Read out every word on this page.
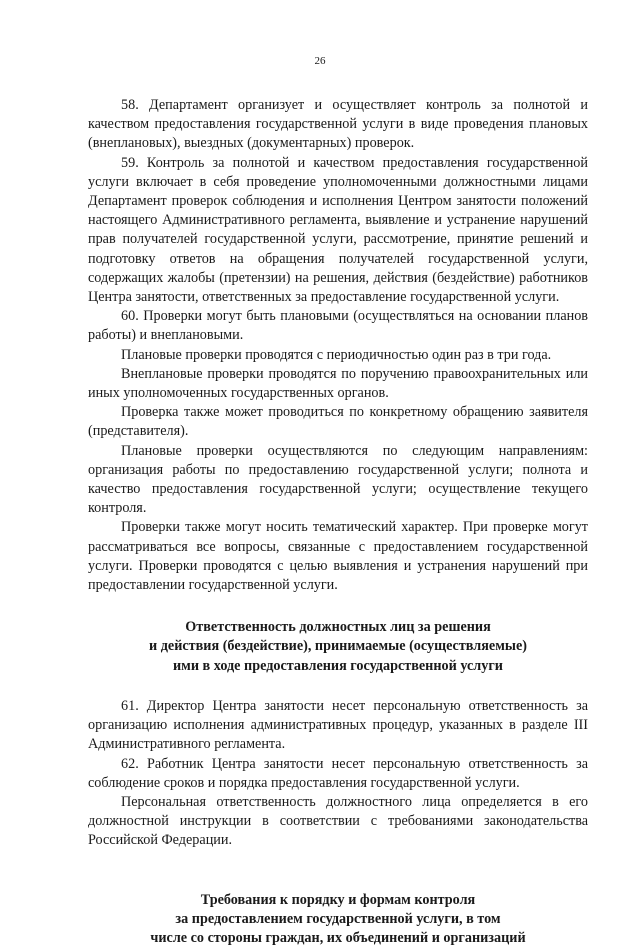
26

58. Департамент организует и осуществляет контроль за полнотой и качеством предоставления государственной услуги в виде проведения плановых (внеплановых), выездных (документарных) проверок.

59. Контроль за полнотой и качеством предоставления государственной услуги включает в себя проведение уполномоченными должностными лицами Департамент проверок соблюдения и исполнения Центром занятости положений настоящего Административного регламента, выявление и устранение нарушений прав получателей государственной услуги, рассмотрение, принятие решений и подготовку ответов на обращения получателей государственной услуги, содержащих жалобы (претензии) на решения, действия (бездействие) работников Центра занятости, ответственных за предоставление государственной услуги.

60. Проверки могут быть плановыми (осуществляться на основании планов работы) и внеплановыми.

Плановые проверки проводятся с периодичностью один раз в три года.

Внеплановые проверки проводятся по поручению правоохранительных или иных уполномоченных государственных органов.

Проверка также может проводиться по конкретному обращению заявителя (представителя).

Плановые проверки осуществляются по следующим направлениям: организация работы по предоставлению государственной услуги; полнота и качество предоставления государственной услуги; осуществление текущего контроля.

Проверки также могут носить тематический характер. При проверке могут рассматриваться все вопросы, связанные с предоставлением государственной услуги. Проверки проводятся с целью выявления и устранения нарушений при предоставлении государственной услуги.

Ответственность должностных лиц за решения
и действия (бездействие), принимаемые (осуществляемые)
ими в ходе предоставления государственной услуги

61. Директор Центра занятости несет персональную ответственность за организацию исполнения административных процедур, указанных в разделе III Административного регламента.

62. Работник Центра занятости несет персональную ответственность за соблюдение сроков и порядка предоставления государственной услуги.

Персональная ответственность должностного лица определяется в его должностной инструкции в соответствии с требованиями законодательства Российской Федерации.

Требования к порядку и формам контроля
за предоставлением государственной услуги, в том
числе со стороны граждан, их объединений и организаций
